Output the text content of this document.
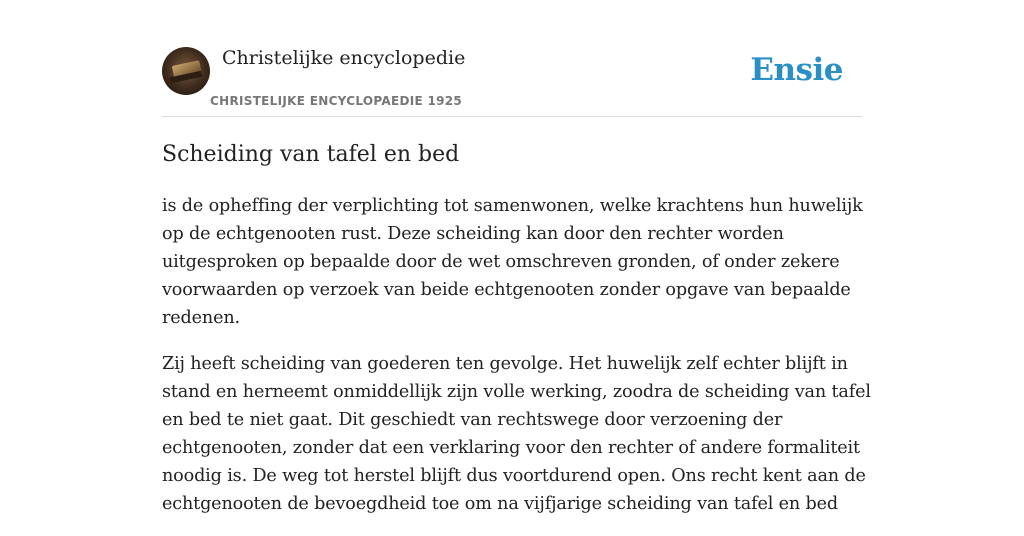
Christelijke encyclopedie
CHRISTELIJKE ENCYCLOPAEDIE 1925
Ensie
Scheiding van tafel en bed

is de opheffing der verplichting tot samenwonen, welke krachtens hun huwelijk
op de echtgenooten rust. Deze scheiding kan door den rechter worden
uitgesproken op bepaalde door de wet omschreven gronden, of onder zekere
voorwaarden op verzoek van beide echtgenooten zonder opgave van bepaalde
redenen.

Zij heeft scheiding van goederen ten gevolge. Het huwelijk zelf echter blijft in
stand en herneemt onmiddellijk zijn volle werking, zoodra de scheiding van tafel
en bed te niet gaat. Dit geschiedt van rechtswege door verzoening der
echtgenooten, zonder dat een verklaring voor den rechter of andere formaliteit
noodig is. De weg tot herstel blijft dus voortdurend open. Ons recht kent aan de
echtgenooten de bevoegdheid toe om na vijfjarige scheiding van tafel en bed
